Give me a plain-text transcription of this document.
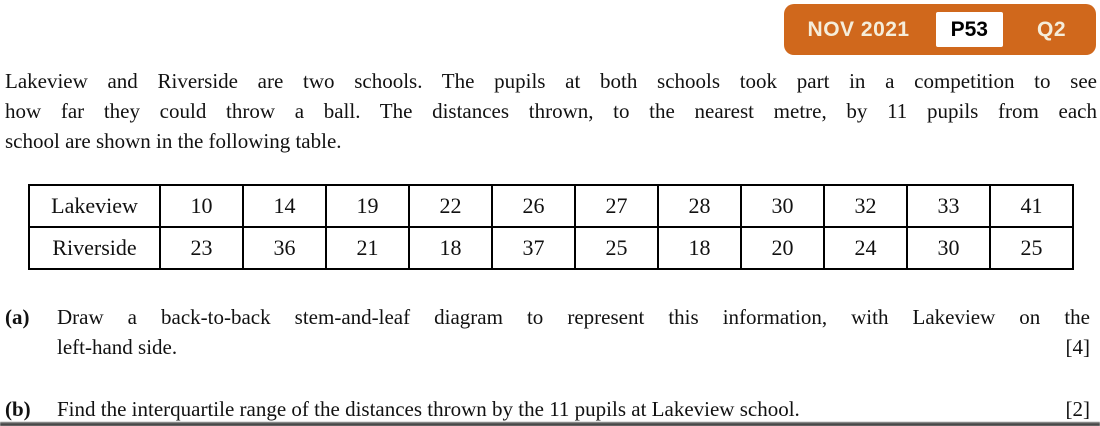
NOV 2021	P53	Q2
Lakeview and Riverside are two schools. The pupils at both schools took part in a competition to see
how far they could throw a ball. The distances thrown, to the nearest metre, by 11 pupils from each
school are shown in the following table.
Lakeview	10	14	19	22	26	27	28	30	32	33	41
Riverside	23	36	21	18	37	25	18	20	24	30	25
(a)	Draw a back-to-back stem-and-leaf diagram to represent this information, with Lakeview on the
left-hand side.	[4]
(b)	Find the interquartile range of the distances thrown by the 11 pupils at Lakeview school.	[2]
